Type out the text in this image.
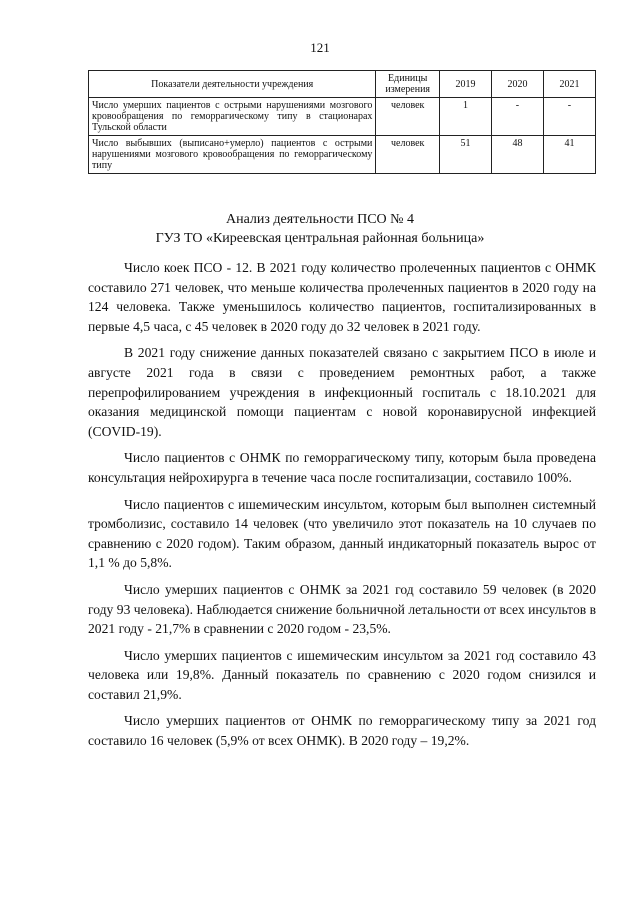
121
Показатели деятельности учреждения	Единицы измерения	2019	2020	2021
Число умерших пациентов с острыми нарушениями мозгового кровообращения по геморрагическому типу в стационарах Тульской области	человек	1	-	-
Число выбывших (выписано+умерло) пациентов с острыми нарушениями мозгового кровообращения по геморрагическому типу	человек	51	48	41
Анализ деятельности ПСО № 4
ГУЗ ТО «Киреевская центральная районная больница»

Число коек ПСО - 12. В 2021 году количество пролеченных пациентов с ОНМК составило 271 человек, что меньше количества пролеченных пациентов в 2020 году на 124 человека. Также уменьшилось количество пациентов, госпитализированных в первые 4,5 часа, с 45 человек в 2020 году до 32 человек в 2021 году.

В 2021 году снижение данных показателей связано с закрытием ПСО в июле и августе 2021 года в связи с проведением ремонтных работ, а также перепрофилированием учреждения в инфекционный госпиталь с 18.10.2021 для оказания медицинской помощи пациентам с новой коронавирусной инфекцией (COVID-19).

Число пациентов с ОНМК по геморрагическому типу, которым была проведена консультация нейрохирурга в течение часа после госпитализации, составило 100%.

Число пациентов с ишемическим инсультом, которым был выполнен системный тромболизис, составило 14 человек (что увеличило этот показатель на 10 случаев по сравнению с 2020 годом). Таким образом, данный индикаторный показатель вырос от 1,1 % до 5,8%.

Число умерших пациентов с ОНМК за 2021 год составило 59 человек (в 2020 году 93 человека). Наблюдается снижение больничной летальности от всех инсультов в 2021 году - 21,7% в сравнении с 2020 годом - 23,5%.

Число умерших пациентов с ишемическим инсультом за 2021 год составило 43 человека или 19,8%. Данный показатель по сравнению с 2020 годом снизился и составил 21,9%.

Число умерших пациентов от ОНМК по геморрагическому типу за 2021 год составило 16 человек (5,9% от всех ОНМК). В 2020 году – 19,2%.
